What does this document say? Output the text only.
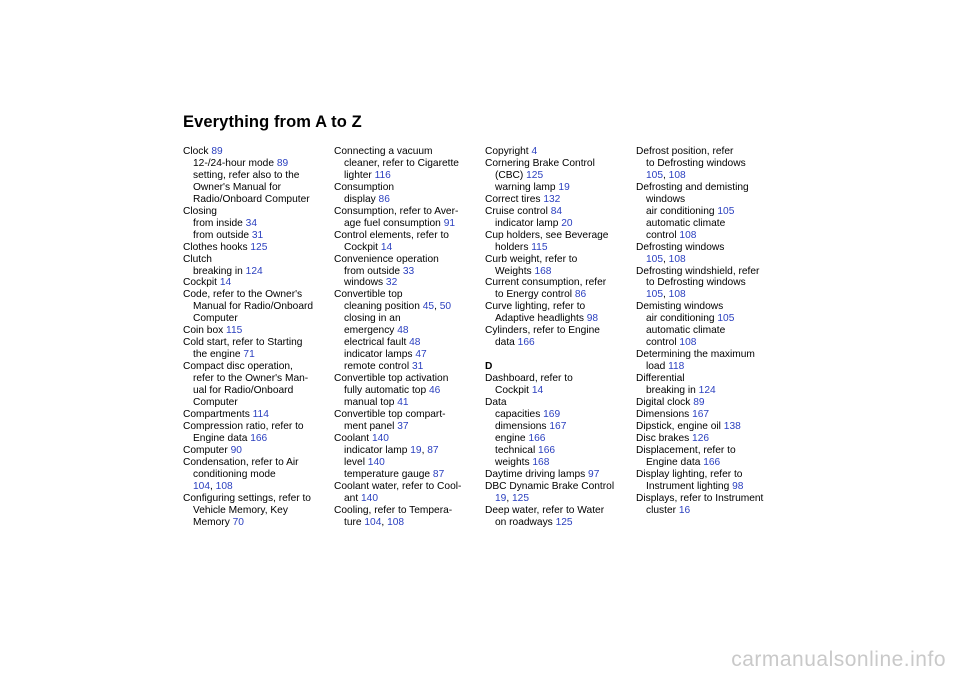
Everything from A to Z
Clock 89
12-/24-hour mode 89
setting, refer also to the
Owner's Manual for
Radio/Onboard Computer
Closing
from inside 34
from outside 31
Clothes hooks 125
Clutch
breaking in 124
Cockpit 14
Code, refer to the Owner's
Manual for Radio/Onboard
Computer
Coin box 115
Cold start, refer to Starting
the engine 71
Compact disc operation,
refer to the Owner's Man-
ual for Radio/Onboard
Computer
Compartments 114
Compression ratio, refer to
Engine data 166
Computer 90
Condensation, refer to Air
conditioning mode
104, 108
Configuring settings, refer to
Vehicle Memory, Key
Memory 70
Connecting a vacuum
cleaner, refer to Cigarette
lighter 116
Consumption
display 86
Consumption, refer to Aver-
age fuel consumption 91
Control elements, refer to
Cockpit 14
Convenience operation
from outside 33
windows 32
Convertible top
cleaning position 45, 50
closing in an
emergency 48
electrical fault 48
indicator lamps 47
remote control 31
Convertible top activation
fully automatic top 46
manual top 41
Convertible top compart-
ment panel 37
Coolant 140
indicator lamp 19, 87
level 140
temperature gauge 87
Coolant water, refer to Cool-
ant 140
Cooling, refer to Tempera-
ture 104, 108
Copyright 4
Cornering Brake Control
(CBC) 125
warning lamp 19
Correct tires 132
Cruise control 84
indicator lamp 20
Cup holders, see Beverage
holders 115
Curb weight, refer to
Weights 168
Current consumption, refer
to Energy control 86
Curve lighting, refer to
Adaptive headlights 98
Cylinders, refer to Engine
data 166
D
Dashboard, refer to
Cockpit 14
Data
capacities 169
dimensions 167
engine 166
technical 166
weights 168
Daytime driving lamps 97
DBC Dynamic Brake Control
19, 125
Deep water, refer to Water
on roadways 125
Defrost position, refer
to Defrosting windows
105, 108
Defrosting and demisting
windows
air conditioning 105
automatic climate
control 108
Defrosting windows
105, 108
Defrosting windshield, refer
to Defrosting windows
105, 108
Demisting windows
air conditioning 105
automatic climate
control 108
Determining the maximum
load 118
Differential
breaking in 124
Digital clock 89
Dimensions 167
Dipstick, engine oil 138
Disc brakes 126
Displacement, refer to
Engine data 166
Display lighting, refer to
Instrument lighting 98
Displays, refer to Instrument
cluster 16
carmanualsonline.info
